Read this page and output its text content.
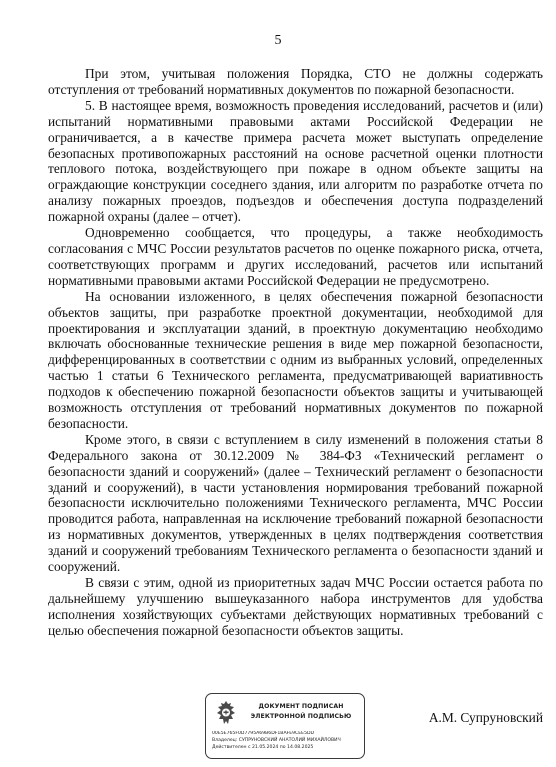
5

При этом, учитывая положения Порядка, СТО не должны содержать отступления от требований нормативных документов по пожарной безопасности.

5. В настоящее время, возможность проведения исследований, расчетов и (или) испытаний нормативными правовыми актами Российской Федерации не ограничивается, а в качестве примера расчета может выступать определение безопасных противопожарных расстояний на основе расчетной оценки плотности теплового потока, воздействующего при пожаре в одном объекте защиты на ограждающие конструкции соседнего здания, или алгоритм по разработке отчета по анализу пожарных проездов, подъездов и обеспечения доступа подразделений пожарной охраны (далее – отчет).

Одновременно сообщается, что процедуры, а также необходимость согласования с МЧС России результатов расчетов по оценке пожарного риска, отчета, соответствующих программ и других исследований, расчетов или испытаний нормативными правовыми актами Российской Федерации не предусмотрено.

На основании изложенного, в целях обеспечения пожарной безопасности объектов защиты, при разработке проектной документации, необходимой для проектирования и эксплуатации зданий, в проектную документацию необходимо включать обоснованные технические решения в виде мер пожарной безопасности, дифференцированных в соответствии с одним из выбранных условий, определенных частью 1 статьи 6 Технического регламента, предусматривающей вариативность подходов к обеспечению пожарной безопасности объектов защиты и учитывающей возможность отступления от требований нормативных документов по пожарной безопасности.

Кроме этого, в связи с вступлением в силу изменений в положения статьи 8 Федерального закона от 30.12.2009 № 384-ФЗ «Технический регламент о безопасности зданий и сооружений» (далее – Технический регламент о безопасности зданий и сооружений), в части установления нормирования требований пожарной безопасности исключительно положениями Технического регламента, МЧС России проводится работа, направленная на исключение требований пожарной безопасности из нормативных документов, утвержденных в целях подтверждения соответствия зданий и сооружений требованиям Технического регламента о безопасности зданий и сооружений.

В связи с этим, одной из приоритетных задач МЧС России остается работа по дальнейшему улучшению вышеуказанного набора инструментов для удобства исполнения хозяйствующих субъектами действующих нормативных требований с целью обеспечения пожарной безопасности объектов защиты.

ДОКУМЕНТ ПОДПИСАН
ЭЛЕКТРОННОЙ ПОДПИСЬЮ
00E5E765F0D7795A69B6DF1BAFE9CEE5DD
Владелец: СУПРУНОВСКИЙ АНАТОЛИЙ МИХАЙЛОВИЧ
Действителен с 21.05.2024 по 14.08.2025
А.М. Супруновский
